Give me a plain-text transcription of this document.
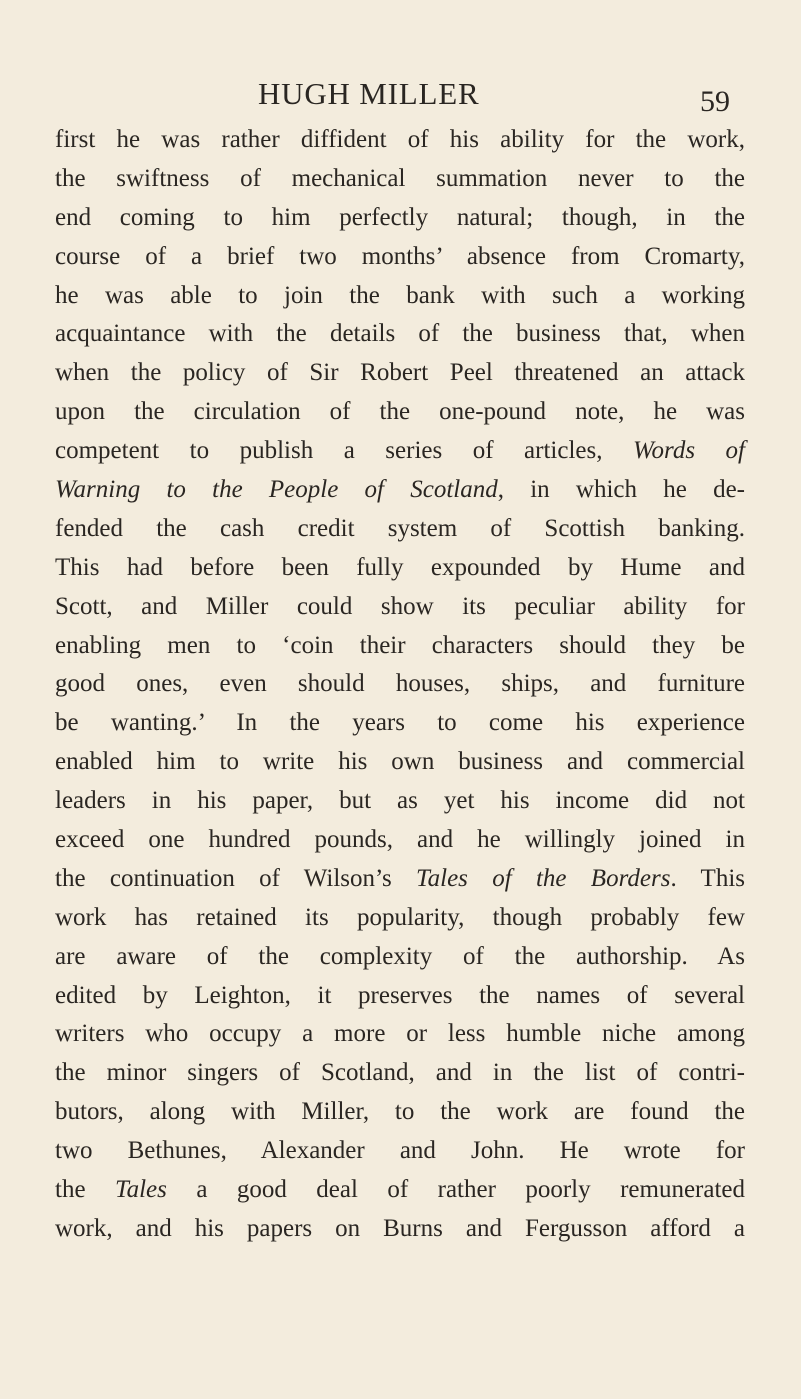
HUGH MILLER	59
first he was rather diffident of his ability for the work,
the swiftness of mechanical summation never to the
end coming to him perfectly natural; though, in the
course of a brief two months’ absence from Cromarty,
he was able to join the bank with such a working
acquaintance with the details of the business that, when
when the policy of Sir Robert Peel threatened an attack
upon the circulation of the one-pound note, he was
competent to publish a series of articles, Words of
Warning to the People of Scotland, in which he de-
fended the cash credit system of Scottish banking.
This had before been fully expounded by Hume and
Scott, and Miller could show its peculiar ability for
enabling men to ‘coin their characters should they be
good ones, even should houses, ships, and furniture
be wanting.’ In the years to come his experience
enabled him to write his own business and commercial
leaders in his paper, but as yet his income did not
exceed one hundred pounds, and he willingly joined in
the continuation of Wilson’s Tales of the Borders. This
work has retained its popularity, though probably few
are aware of the complexity of the authorship. As
edited by Leighton, it preserves the names of several
writers who occupy a more or less humble niche among
the minor singers of Scotland, and in the list of contri-
butors, along with Miller, to the work are found the
two Bethunes, Alexander and John. He wrote for
the Tales a good deal of rather poorly remunerated
work, and his papers on Burns and Fergusson afford a
